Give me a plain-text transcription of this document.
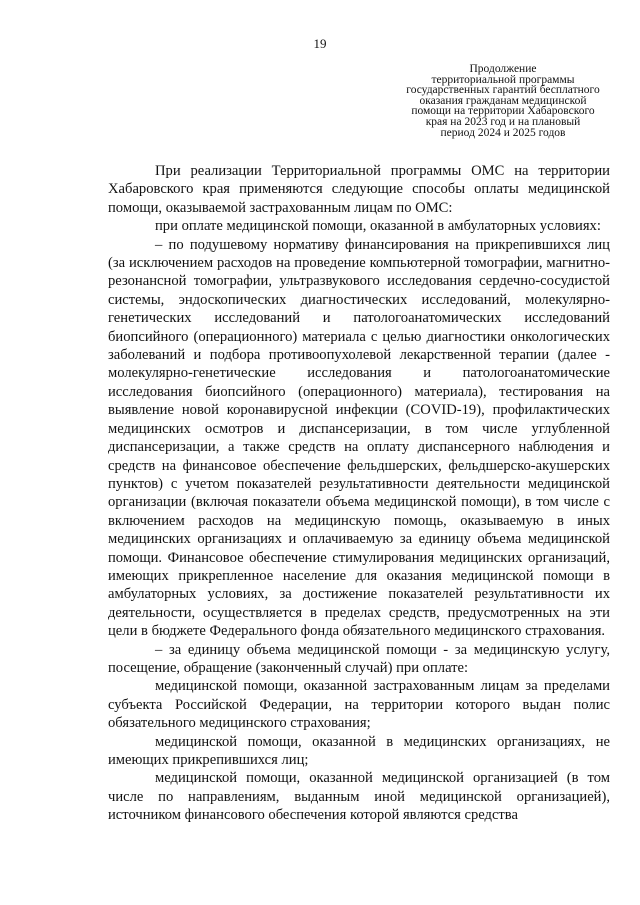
19
Продолжение
территориальной программы
государственных гарантий бесплатного
оказания гражданам медицинской
помощи на территории Хабаровского
края на 2023 год и на плановый
период 2024 и 2025 годов
При реализации Территориальной программы ОМС на территории Хабаровского края применяются следующие способы оплаты медицинской помощи, оказываемой застрахованным лицам по ОМС:
при оплате медицинской помощи, оказанной в амбулаторных условиях:
– по подушевому нормативу финансирования на прикрепившихся лиц (за исключением расходов на проведение компьютерной томографии, магнитно-резонансной томографии, ультразвукового исследования сердечно-сосудистой системы, эндоскопических диагностических исследований, молекулярно-генетических исследований и патологоанатомических исследований биопсийного (операционного) материала с целью диагностики онкологических заболеваний и подбора противоопухолевой лекарственной терапии (далее - молекулярно-генетические исследования и патологоанатомические исследования биопсийного (операционного) материала), тестирования на выявление новой коронавирусной инфекции (COVID-19), профилактических медицинских осмотров и диспансеризации, в том числе углубленной диспансеризации, а также средств на оплату диспансерного наблюдения и средств на финансовое обеспечение фельдшерских, фельдшерско-акушерских пунктов) с учетом показателей результативности деятельности медицинской организации (включая показатели объема медицинской помощи), в том числе с включением расходов на медицинскую помощь, оказываемую в иных медицинских организациях и оплачиваемую за единицу объема медицинской помощи. Финансовое обеспечение стимулирования медицинских организаций, имеющих прикрепленное население для оказания медицинской помощи в амбулаторных условиях, за достижение показателей результативности их деятельности, осуществляется в пределах средств, предусмотренных на эти цели в бюджете Федерального фонда обязательного медицинского страхования.
– за единицу объема медицинской помощи - за медицинскую услугу, посещение, обращение (законченный случай) при оплате:
медицинской помощи, оказанной застрахованным лицам за пределами субъекта Российской Федерации, на территории которого выдан полис обязательного медицинского страхования;
медицинской помощи, оказанной в медицинских организациях, не имеющих прикрепившихся лиц;
медицинской помощи, оказанной медицинской организацией (в том числе по направлениям, выданным иной медицинской организацией), источником финансового обеспечения которой являются средства
